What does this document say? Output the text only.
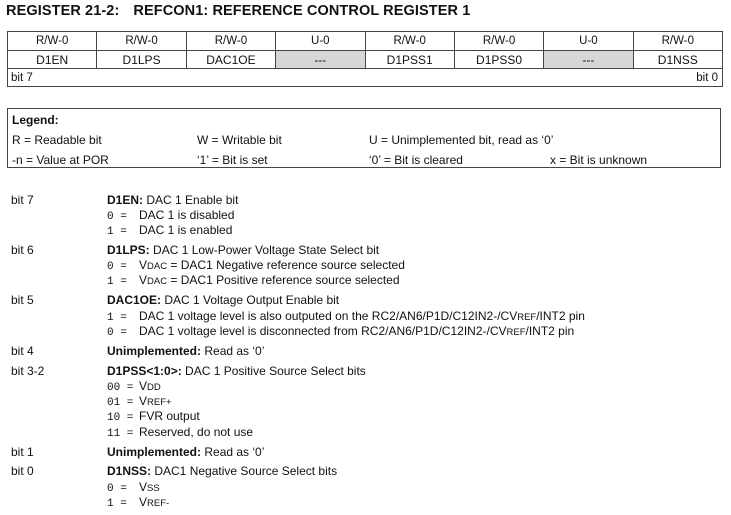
REGISTER 21-2: REFCON1: REFERENCE CONTROL REGISTER 1
R/W-0	R/W-0	R/W-0	U-0	R/W-0	R/W-0	U-0	R/W-0
D1EN	D1LPS	DAC1OE	---	D1PSS1	D1PSS0	---	D1NSS
bit 7 bit 0							
Legend:
R = Readable bit	W = Writable bit	U = Unimplemented bit, read as ‘0’
-n = Value at POR	‘1’ = Bit is set	‘0’ = Bit is cleared	x = Bit is unknown
bit 7	D1EN: DAC 1 Enable bit
0 = DAC 1 is disabled
1 = DAC 1 is enabled
bit 6	D1LPS: DAC 1 Low-Power Voltage State Select bit
0 = VDAC = DAC1 Negative reference source selected
1 = VDAC = DAC1 Positive reference source selected
bit 5	DAC1OE: DAC 1 Voltage Output Enable bit
1 = DAC 1 voltage level is also outputed on the RC2/AN6/P1D/C12IN2-/CVREF/INT2 pin
0 = DAC 1 voltage level is disconnected from RC2/AN6/P1D/C12IN2-/CVREF/INT2 pin
bit 4	Unimplemented: Read as ‘0’
bit 3-2	D1PSS<1:0>: DAC 1 Positive Source Select bits
00 = VDD
01 = VREF+
10 = FVR output
11 = Reserved, do not use
bit 1	Unimplemented: Read as ‘0’
bit 0	D1NSS: DAC1 Negative Source Select bits
0 = VSS
1 = VREF-
